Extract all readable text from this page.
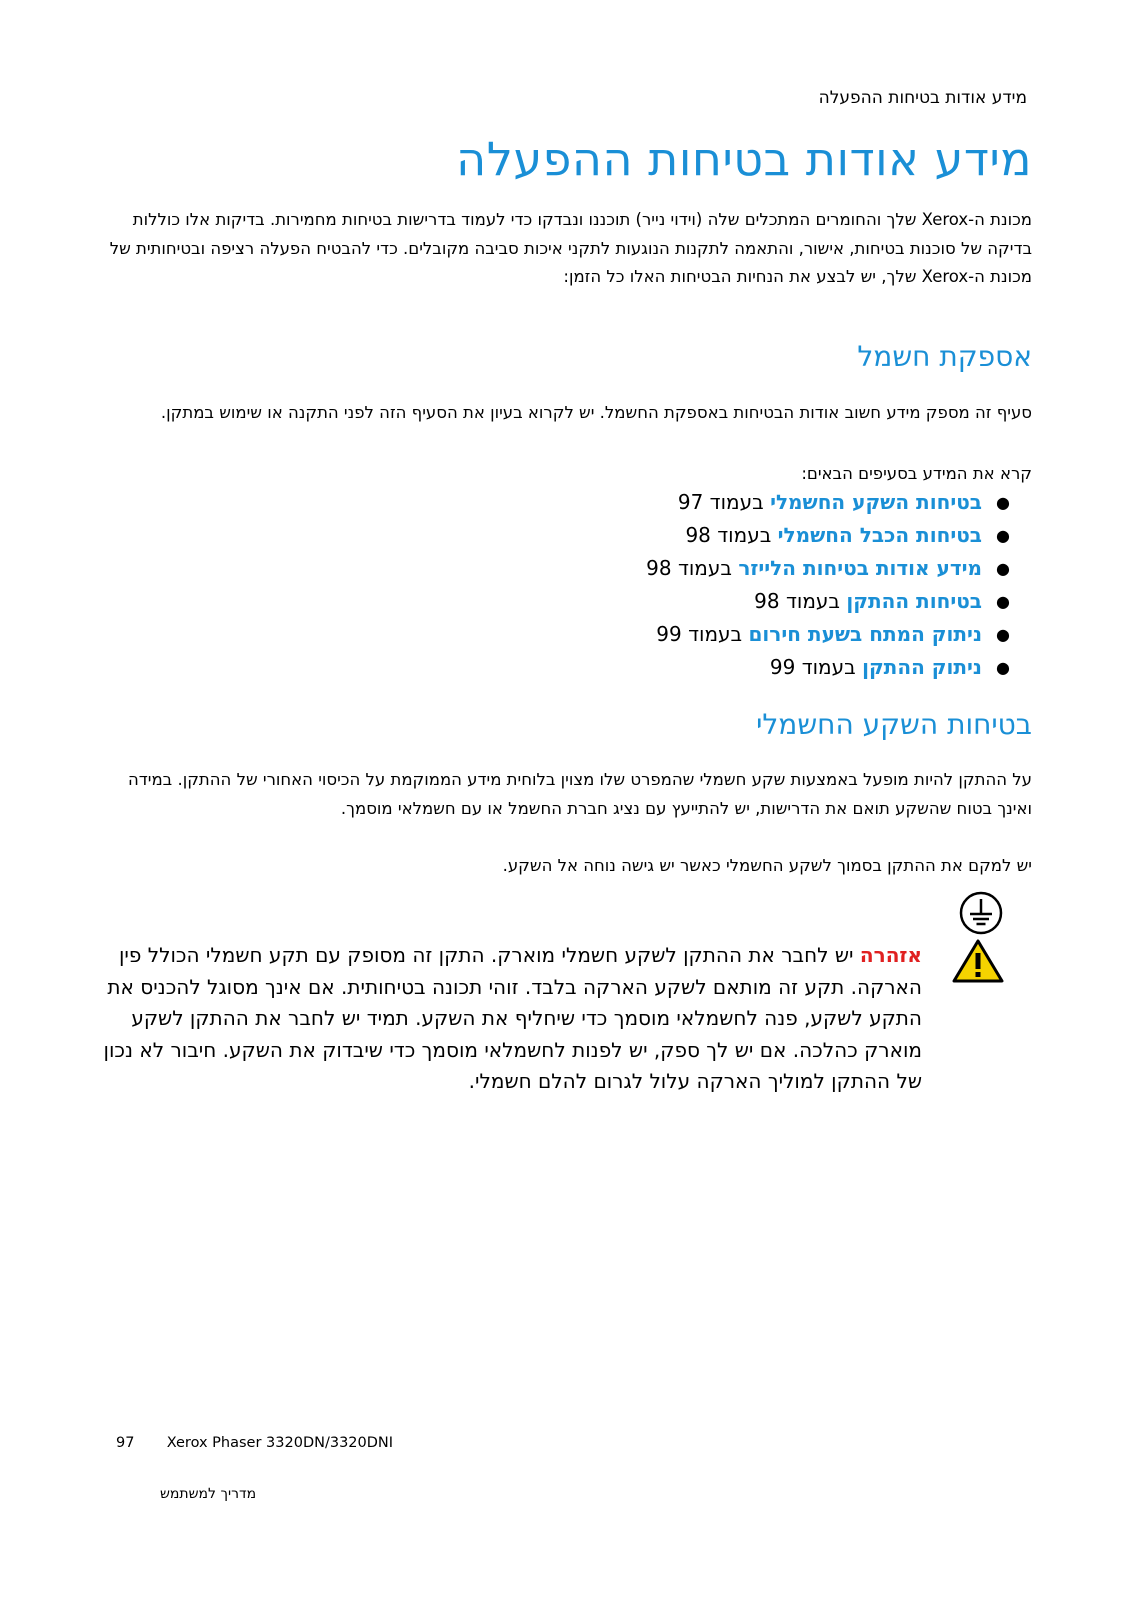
מידע אודות בטיחות ההפעלה
מידע אודות בטיחות ההפעלה

מכונת ה-Xerox שלך והחומרים המתכלים שלה (וידוי נייר) תוכננו ונבדקו כדי לעמוד בדרישות בטיחות מחמירות. בדיקות אלו כוללות בדיקה של סוכנות בטיחות, אישור, והתאמה לתקנות הנוגעות לתקני איכות סביבה מקובלים. כדי להבטיח הפעלה רציפה ובטיחותית של מכונת ה-Xerox שלך, יש לבצע את הנחיות הבטיחות האלו כל הזמן:

אספקת חשמל

סעיף זה מספק מידע חשוב אודות הבטיחות באספקת החשמל. יש לקרוא בעיון את הסעיף הזה לפני התקנה או שימוש במתקן.

קרא את המידע בסעיפים הבאים:

●
בטיחות השקע החשמלי בעמוד 97
●
בטיחות הכבל החשמלי בעמוד 98
●
מידע אודות בטיחות הלייזר בעמוד 98
●
בטיחות ההתקן בעמוד 98
●
ניתוק המתח בשעת חירום בעמוד 99
●
ניתוק ההתקן בעמוד 99
בטיחות השקע החשמלי

על ההתקן להיות מופעל באמצעות שקע חשמלי שהמפרט שלו מצוין בלוחית מידע הממוקמת על הכיסוי האחורי של ההתקן. במידה ואינך בטוח שהשקע תואם את הדרישות, יש להתייעץ עם נציג חברת החשמל או עם חשמלאי מוסמך.

יש למקם את ההתקן בסמוך לשקע החשמלי כאשר יש גישה נוחה אל השקע.

אזהרה יש לחבר את ההתקן לשקע חשמלי מוארק. התקן זה מסופק עם תקע חשמלי הכולל פין הארקה. תקע זה מותאם לשקע הארקה בלבד. זוהי תכונה בטיחותית. אם אינך מסוגל להכניס את התקע לשקע, פנה לחשמלאי מוסמך כדי שיחליף את השקע. תמיד יש לחבר את ההתקן לשקע מוארק כהלכה. אם יש לך ספק, יש לפנות לחשמלאי מוסמך כדי שיבדוק את השקע. חיבור לא נכון של ההתקן למוליך הארקה עלול לגרום להלם חשמלי.

97 Xerox Phaser 3320DN/3320DNI
מדריך למשתמש
